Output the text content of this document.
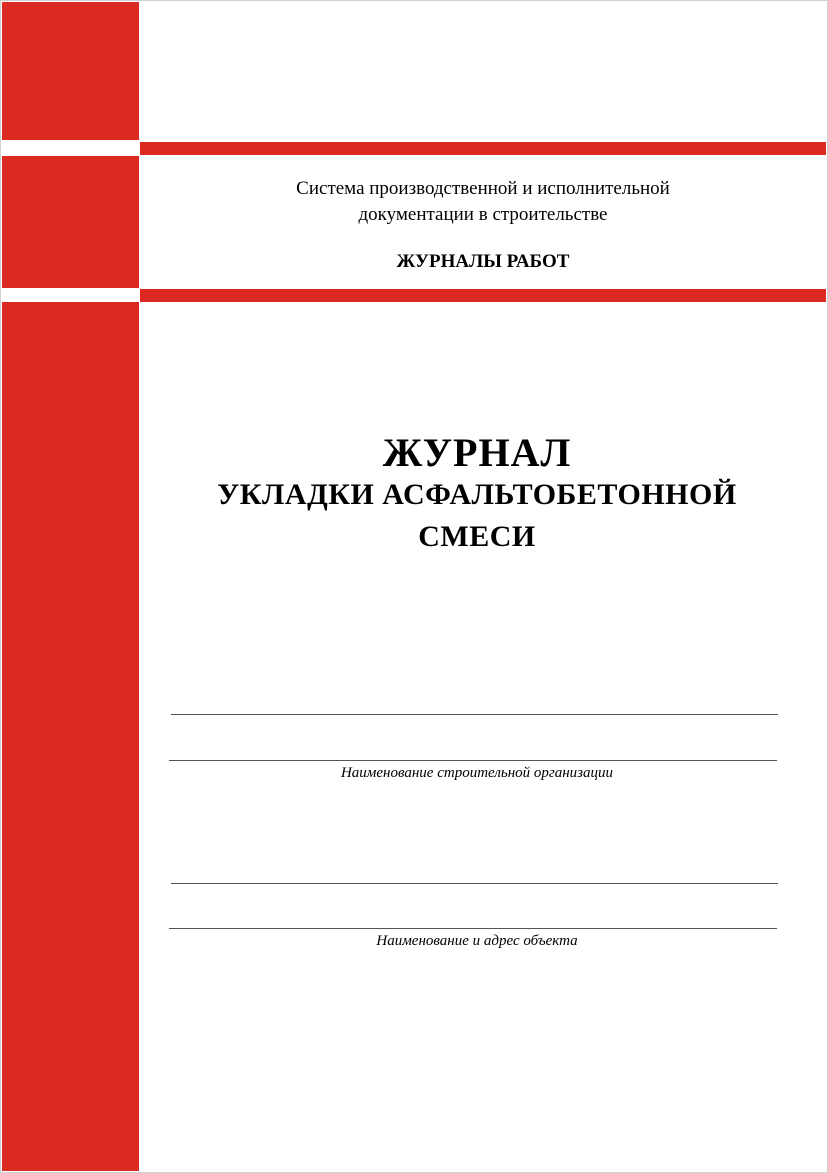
Система производственной и исполнительной
документации в строительстве
ЖУРНАЛЫ РАБОТ
ЖУРНАЛ
УКЛАДКИ АСФАЛЬТОБЕТОННОЙ
СМЕСИ
Наименование строительной организации
Наименование и адрес объекта
